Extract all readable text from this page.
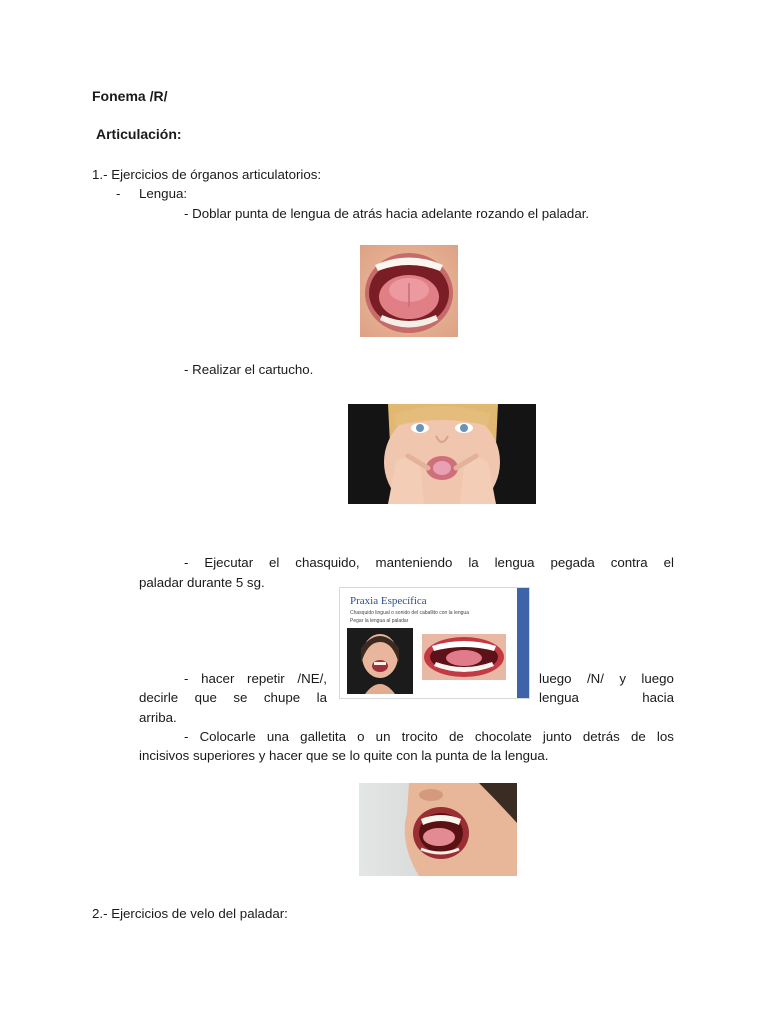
Fonema /R/
Articulación:
1.- Ejercicios de órganos articulatorios:
- Lengua:
- Doblar punta de lengua de atrás hacia adelante rozando el paladar.
- Realizar el cartucho.
- Ejecutar el chasquido, manteniendo la lengua pegada contra el
paladar durante 5 sg.
Praxia Específica
Chasquido lingual o sonido del caballito con la lengua
Pegar la lengua al paladar
- hacer repetir /NE/,	luego /N/ y luego
decirle que se chupe la	lengua	hacia
arriba.
- Colocarle una galletita o un trocito de chocolate junto detrás de los
incisivos superiores y hacer que se lo quite con la punta de la lengua.
2.- Ejercicios de velo del paladar:
